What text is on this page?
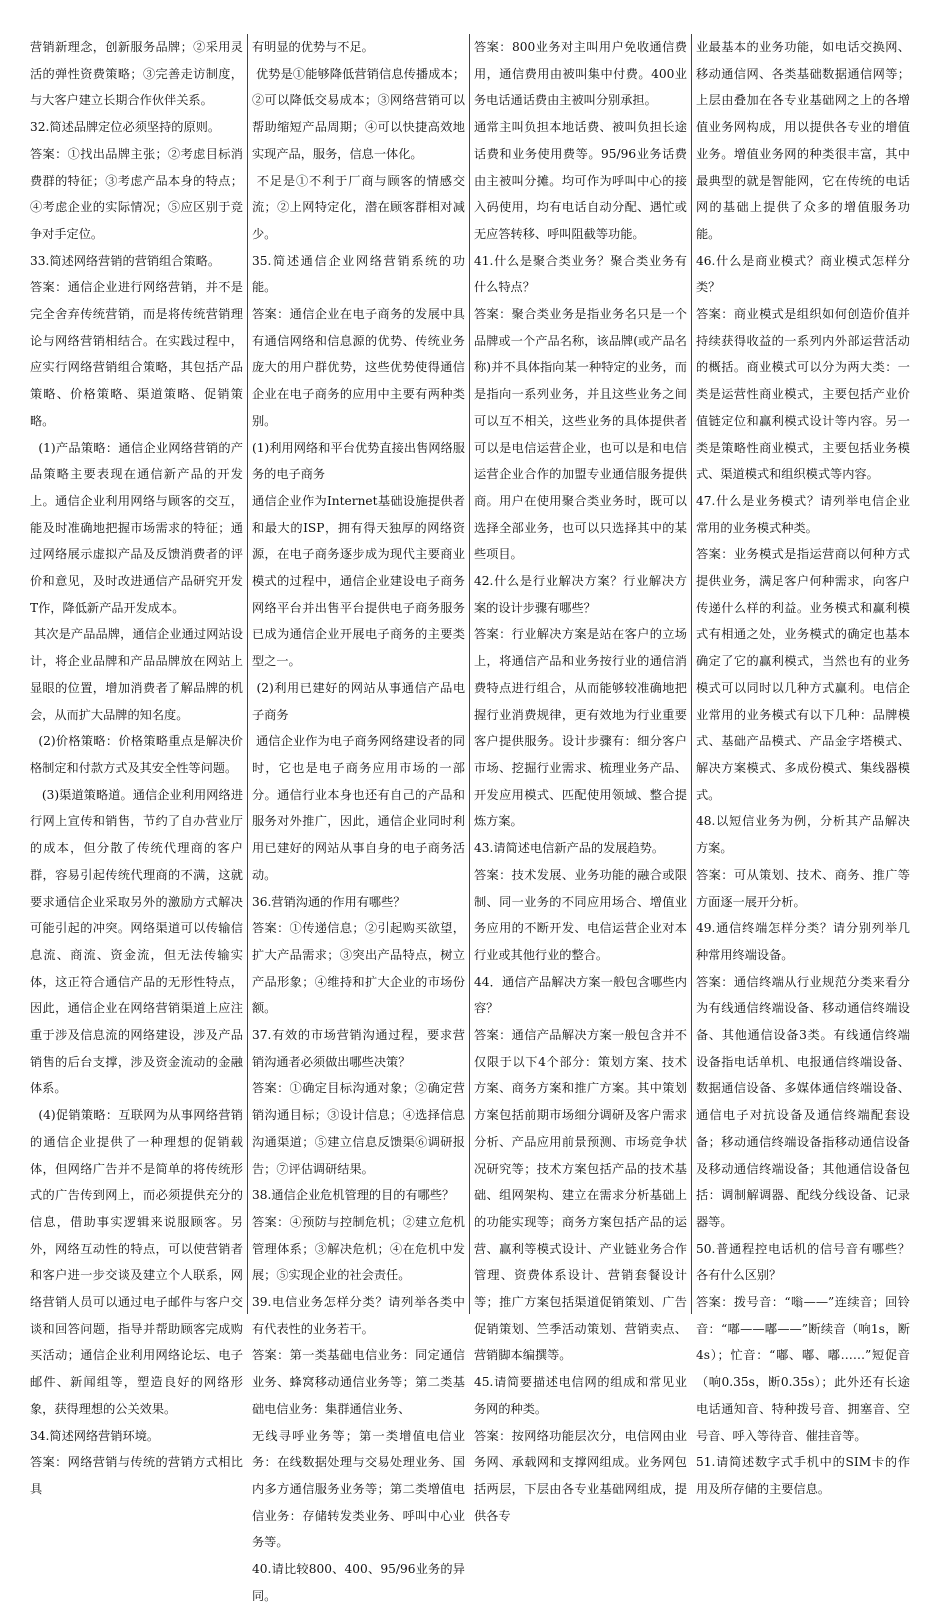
营销新理念，创新服务品牌；②采用灵活的弹性资费策略；③完善走访制度，与大客户建立长期合作伙伴关系。

32.简述品牌定位必须坚持的原则。

答案：①找出品牌主张；②考虑目标消费群的特征；③考虑产品本身的特点；④考虑企业的实际情况；⑤应区别于竞争对手定位。

33.简述网络营销的营销组合策略。

答案：通信企业进行网络营销，并不是完全舍弃传统营销，而是将传统营销理论与网络营销相结合。在实践过程中，应实行网络营销组合策略，其包括产品策略、价格策略、渠道策略、促销策略。

(1)产品策略：通信企业网络营销的产品策略主要表现在通信新产品的开发上。通信企业利用网络与顾客的交互，能及时准确地把握市场需求的特征；通过网络展示虚拟产品及反馈消费者的评价和意见，及时改进通信产品研究开发T作，降低新产品开发成本。

其次是产品品牌，通信企业通过网站设计，将企业品牌和产品品牌放在网站上显眼的位置，增加消费者了解品牌的机会，从而扩大品牌的知名度。

(2)价格策略：价格策略重点是解决价格制定和付款方式及其安全性等问题。

(3)渠道策略道。通信企业利用网络进行网上宣传和销售，节约了自办营业厅的成本，但分散了传统代理商的客户群，容易引起传统代理商的不满，这就要求通信企业采取另外的激励方式解决可能引起的冲突。网络渠道可以传输信息流、商流、资金流，但无法传输实体，这正符合通信产品的无形性特点，因此，通信企业在网络营销渠道上应注重于涉及信息流的网络建设，涉及产品销售的后台支撑，涉及资金流动的金融体系。

(4)促销策略：互联网为从事网络营销的通信企业提供了一种理想的促销载体，但网络广告并不是简单的将传统形式的广告传到网上，而必须提供充分的信息，借助事实逻辑来说服顾客。另外，网络互动性的特点，可以使营销者和客户进一步交谈及建立个人联系，网络营销人员可以通过电子邮件与客户交谈和回答问题，指导并帮助顾客完成购买活动；通信企业利用网络论坛、电子邮件、新闻组等，塑造良好的网络形象，获得理想的公关效果。

34.简述网络营销环境。

答案：网络营销与传统的营销方式相比具

有明显的优势与不足。

优势是①能够降低营销信息传播成本；②可以降低交易成本；③网络营销可以帮助缩短产品周期；④可以快捷高效地实现产品，服务，信息一体化。

不足是①不利于厂商与顾客的情感交流；②上网特定化，潜在顾客群相对减少。

35.简述通信企业网络营销系统的功能。

答案：通信企业在电子商务的发展中具有通信网络和信息源的优势、传统业务庞大的用户群优势，这些优势使得通信企业在电子商务的应用中主要有两种类别。

(1)利用网络和平台优势直接出售网络服务的电子商务

通信企业作为Internet基础设施提供者和最大的ISP，拥有得天独厚的网络资源，在电子商务逐步成为现代主要商业模式的过程中，通信企业建设电子商务网络平台并出售平台提供电子商务服务已成为通信企业开展电子商务的主要类型之一。

(2)利用已建好的网站从事通信产品电子商务

通信企业作为电子商务网络建设者的同时，它也是电子商务应用市场的一部分。通信行业本身也还有自己的产品和服务对外推广，因此，通信企业同时利用已建好的网站从事自身的电子商务活动。

36.营销沟通的作用有哪些？

答案：①传递信息；②引起购买欲望，扩大产品需求；③突出产品特点，树立产品形象；④维持和扩大企业的市场份额。

37.有效的市场营销沟通过程，要求营销沟通者必须做出哪些决策？

答案：①确定目标沟通对象；②确定营销沟通目标；③设计信息；④选择信息沟通渠道；⑤建立信息反馈渠⑥调研报告；⑦评估调研结果。

38.通信企业危机管理的目的有哪些？

答案：④预防与控制危机；②建立危机管理体系；③解决危机；④在危机中发展；⑤实现企业的社会责任。

39.电信业务怎样分类？请列举各类中有代表性的业务若干。

答案：第一类基础电信业务：同定通信业务、蜂窝移动通信业务等；第二类基础电信业务：集群通信业务、

无线寻呼业务等；第一类增值电信业务：在线数据处理与交易处理业务、国内多方通信服务业务等；第二类增值电信业务：存储转发类业务、呼叫中心业务等。

40.请比较800、400、95/96业务的异同。

答案：800业务对主叫用户免收通信费用，通信费用由被叫集中付费。400业务电话通话费由主被叫分别承担。

通常主叫负担本地话费、被叫负担长途话费和业务使用费等。95/96业务话费由主被叫分摊。均可作为呼叫中心的接入码使用，均有电话自动分配、遇忙或无应答转移、呼叫阻截等功能。

41.什么是聚合类业务？聚合类业务有什么特点？

答案：聚合类业务是指业务名只是一个品牌或一个产品名称，该品牌(或产品名称)并不具体指向某一种特定的业务，而是指向一系列业务，并且这些业务之间可以互不相关，这些业务的具体提供者可以是电信运营企业，也可以是和电信运营企业合作的加盟专业通信服务提供商。用户在使用聚合类业务时，既可以选择全部业务，也可以只选择其中的某些项目。

42.什么是行业解决方案？行业解决方案的设计步骤有哪些？

答案：行业解决方案是站在客户的立场上，将通信产品和业务按行业的通信消费特点进行组合，从而能够较准确地把握行业消费规律，更有效地为行业重要客户提供服务。设计步骤有：细分客户市场、挖掘行业需求、梳理业务产品、开发应用模式、匹配使用领域、整合提炼方案。

43.请简述电信新产品的发展趋势。

答案：技术发展、业务功能的融合或限制、同一业务的不同应用场合、增值业务应用的不断开发、电信运营企业对本行业或其他行业的整合。

44．通信产品解决方案一般包含哪些内容？

答案：通信产品解决方案一般包含并不仅限于以下4个部分：策划方案、技术方案、商务方案和推广方案。其中策划方案包括前期市场细分调研及客户需求分析、产品应用前景预测、市场竞争状况研究等；技术方案包括产品的技术基础、组网架构、建立在需求分析基础上的功能实现等；商务方案包括产品的运营、赢利等模式设计、产业链业务合作管理、资费体系设计、营销套餐设计等；推广方案包括渠道促销策划、广告促销策划、竺季活动策划、营销卖点、营销脚本编撰等。

45.请简要描述电信网的组成和常见业务网的种类。

答案：按网络功能层次分，电信网由业务网、承载网和支撑网组成。业务网包括两层，下层由各专业基础网组成，提供各专

业最基本的业务功能，如电话交换网、移动通信网、各类基础数据通信网等；上层由叠加在各专业基础网之上的各增值业务网构成，用以提供各专业的增值业务。增值业务网的种类很丰富，其中最典型的就是智能网，它在传统的电话网的基础上提供了众多的增值服务功能。

46.什么是商业模式？商业模式怎样分类？

答案：商业模式是组织如何创造价值并持续获得收益的一系列内外部运营活动的概括。商业模式可以分为两大类：一类是运营性商业模式，主要包括产业价值链定位和赢利模式设计等内容。另一类是策略性商业模式，主要包括业务模式、渠道模式和组织模式等内容。

47.什么是业务模式？请列举电信企业常用的业务模式种类。

答案：业务模式是指运营商以何种方式提供业务，满足客户何种需求，向客户传递什么样的利益。业务模式和赢利模式有相通之处，业务模式的确定也基本确定了它的赢利模式，当然也有的业务模式可以同时以几种方式赢利。电信企业常用的业务模式有以下几种：品牌模式、基础产品模式、产品金字塔模式、解决方案模式、多成份模式、集线器模式。

48.以短信业务为例，分析其产品解决方案。

答案：可从策划、技术、商务、推广等方面逐一展开分析。

49.通信终端怎样分类？请分别列举几种常用终端设备。

答案：通信终端从行业规范分类来看分为有线通信终端设备、移动通信终端设备、其他通信设备3类。有线通信终端设备指电话单机、电报通信终端设备、数据通信设备、多媒体通信终端设备、通信电子对抗设备及通信终端配套设备；移动通信终端设备指移动通信设备及移动通信终端设备；其他通信设备包括：调制解调器、配线分线设备、记录器等。

50.普通程控电话机的信号音有哪些？各有什么区别？

答案：拨号音：“嗡——”连续音；回铃音：“嘟——嘟——”断续音（响1s，断4s）；忙音：“嘟、嘟、嘟……”短促音（响0.35s，断0.35s）；此外还有长途电话通知音、特种拨号音、拥塞音、空号音、呼入等待音、催挂音等。

51.请简述数字式手机中的SIM卡的作用及所存储的主要信息。
